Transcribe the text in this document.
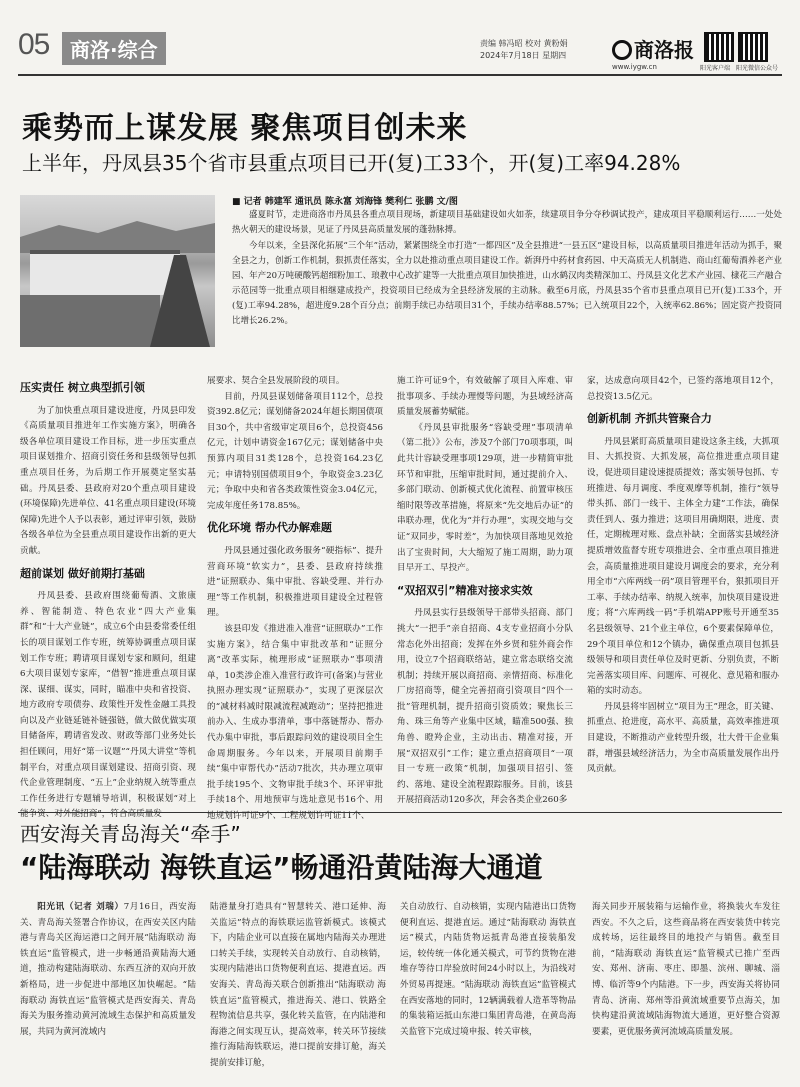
05	商洛·综合	责编 韩冯昭 校对 黄粉娟
2024年7月18日 星期四	商洛报
www.iygw.cn	阳光客户端 阳光微信公众号
乘势而上谋发展 聚焦项目创未来
上半年，丹凤县35个省市县重点项目已开(复)工33个，开(复)工率94.28%
■ 记者 韩建军 通讯员 陈永富 刘海锋 樊利仁 张鹏 文/图

盛夏时节，走进商洛市丹凤县各重点项目现场，新建项目基础建设如火如荼，续建项目争分夺秒调试投产，建成项目平稳顺利运行……一处处热火朝天的建设场景，见证了丹凤县高质量发展的蓬勃脉搏。

今年以来，全县深化拓展“三个年”活动，紧紧围绕全市打造“一都四区”及全县推进“一县五区”建设目标，以高质量项目推进年活动为抓手，聚全县之力，创新工作机制，狠抓责任落实，全力以赴推动重点项目建设工作。新湃丹中药材食药园、中天高质无人机制造、商山红葡萄酒养老产业园、年产20万吨硬酸钙超细粉加工、琅教中心改扩建等一大批重点项目加快推进，山水鹤汉肉类精深加工、丹凤县文化艺术产业园、棣花三产融合示范园等一批重点项目相继建成投产，投资项目已经成为全县经济发展的主动脉。截至6月底，丹凤县35个省市县重点项目已开(复)工33个，开(复)工率94.28%，超进度9.28个百分点；前期手续已办结项目31个，手续办结率88.57%；已入统项目22个，入统率62.86%；固定资产投资同比增长26.2%。

压实责任 树立典型抓引领

为了加快重点项目建设进度，丹凤县印发《高质量项目推进年工作实施方案》，明确各级各单位项目建设工作目标，进一步压实重点项目谋划推介、招商引资任务和县级领导包抓重点项目任务，为后期工作开展奠定坚实基础。丹凤县委、县政府对20个重点项目建设(环境保障)先进单位、41名重点项目建设(环境保障)先进个人予以表彰，通过评审引领，鼓励各级各单位为全县重点项目建设作出新的更大贡献。

超前谋划 做好前期打基础

丹凤县委、县政府围绕葡萄酒、文旅康养、智能制造、特色农业“四大产业集群”和“十大产业链”，成立6个由县委常委任组长的项目谋划工作专班，统筹协调重点项目谋划工作专班；聘请项目谋划专家和顾问，组建6大项目谋划专家库，“借智”推进重点项目谋深、谋细、谋实，同时，瞄准中央和省投资、地方政府专项债券、政策性开发性金融工具投向以及产业链延链补链强链，做大做优做实项目储备库，聘请省发改、财政等部门业务处长担任顾问，用好“第一议题”“丹凤大讲堂”等机制平台，对重点项目谋划建设、招商引资、现代企业管理制度、“五上”企业纳规入统等重点工作任务进行专题辅导培训，积极谋划“对上能争资、对外能招商”，符合高质量发

展要求、契合全县发展阶段的项目。

目前，丹凤县谋划储备项目112个，总投资392.8亿元；谋划储备2024年超长期国债项目30个，共中省级审定项目6个，总投资456亿元，计划申请资金167亿元；谋划储备中央预算内项目31类128个，总投资164.23亿元；申请特别国债项目9个，争取资金3.23亿元；争取中央和省各类政策性资金3.04亿元，完成年度任务178.85%。

优化环境 帮办代办解难题

丹凤县通过强化政务服务“硬指标”、提升营商环境“软实力”，县委、县政府持续推进“证照联办、集中审批、容缺受理、并行办理”等工作机制，积极推进项目建设全过程管理。

该县印发《推进准入准营“证照联办”工作实施方案》，结合集中审批改革和“证照分离”改革实际，梳理形成“证照联办”事项清单，10类涉企准入准营行政许可(备案)与营业执照办理实现“证照联办”，实现了更深层次的“减材料减时限减流程减跑动”；坚持把推进前办入、生成办事清单，事中落链帮办、帮办代办集中审批，事后跟踪问效的建设项目全生命周期服务。今年以来，开展项目前期手续“集中审帮代办”活动7批次，共办理立项审批手续195个、文物审批手续3个、环评审批手续18个、用地预审与选址意见书16个、用地规划许可证9个、工程规划许可证11个、

施工许可证9个，有效破解了项目入库难、审批事项多、手续办理慢等问题，为县域经济高质量发展蓄势赋能。

《丹凤县审批服务“容缺受理”事项清单（第二批）》公布，涉及7个部门70项事项，叫此共计容缺受理事项129项，进一步精简审批环节和审批，压缩审批时间，通过提前介入、多部门联动、创新模式优化流程、前置审核压缩时限等改革措施，将原来“先交地后办证”的串联办理，优化为“并行办理”，实现交地与交证“双同步，零时差”，为加快项目落地见效抢出了宝贵时间，大大缩短了施工周期，助力项目早开工、早投产。

“双招双引”精准对接求实效

丹凤县实行县级领导干部带头招商、部门挑大“一把手”亲自招商、4支专业招商小分队常态化外出招商；发挥在外乡贤和驻外商会作用，设立7个招商联络站，建立常态联络交流机制；持续开展以商招商、亲情招商、标准化厂房招商等，健全完善招商引资项目“四个一批”管理机制，提升招商引资质效；聚焦长三角、珠三角等产业集中区域，瞄准500强、独角兽、瞪羚企业，主动出击、精准对接，开展“双招双引”工作；建立重点招商项目“一项目一专班一政策”机制，加强项目招引、签约、落地、建设全流程跟踪服务。目前，该县开展招商活动120多次，拜会各类企业260多

家，达成意向项目42个，已签约落地项目12个，总投资13.5亿元。

创新机制 齐抓共管聚合力

丹凤县紧盯高质量项目建设这条主线，大抓项目、大抓投资、大抓发展，高位推进重点项目建设，促进项目建设速提质提效；落实领导包抓、专班推进、每月调度、季度观摩等机制，推行“领导带头抓、部门一线干、主体全力建”工作法，确保责任到人、强力推进；这项目用确期限，进度、责任，定期梳理对账、盘点补缺；全面落实县域经济提质增效监督专班专项推进会、全市重点项目推进会，高质量推进项目建设月调度会的要求，充分利用全市“六库两线一码”项目管理平台，狠抓项目开工率、手续办结率、纳规入统率，加快项目建设进度；将“六库两线一码”手机端APP账号开通至35名县级领导、21个业主单位，6个要素保障单位，29个项目单位和12个镇办，确保重点项目包抓县级领导和项目责任单位及时更新、分别负责，不断完善落实项目库、问题库、可视化、意见箱和服办箱的实时动态。

丹凤县将牢固树立“项目为王”理念，盯关键、抓重点、抢进度，高水平、高质量，高效率推进项目建设，不断推动产业转型升级，壮大骨干企业集群，增强县域经济活力，为全市高质量发展作出丹凤贡献。

西安海关青岛海关“牵手”
“陆海联动 海铁直运”畅通沿黄陆海大通道

阳光讯（记者 刘瑞）7月16日，西安海关、青岛海关签署合作协议，在西安关区内陆港与青岛关区海运港口之间开展“陆海联动 海铁直运”监管模式，进一步畅通沿黄陆海大通道，推动构建陆海联动、东西互济的双向开放新格局，进一步促进中部地区加快崛起。“陆海联动 海铁直运”监管模式是西安海关、青岛海关为服务推动黄河流域生态保护和高质量发展，共同为黄河流域内

陆港量身打造具有“智慧转关、港口延伸、海关监运”特点的海铁联运监管新模式。该模式下，内陆企业可以直接在属地内陆海关办理进口转关手续，实现转关自动放行、自动核销，实现内陆港出口货物便利直运、提港直运。西安海关、青岛海关联合创新推出“陆海联动 海铁直运”监管模式，推进海关、港口、铁路全程物流信息共享，强化转关监管，在内陆港和海港之间实现互认，提高效率，转关环节接续推行海陆海铁联运，港口提前安排订舱，海关提前安排订舱，

关自动放行、自动核销，实现内陆港出口货物便利直运、提港直运。通过“陆海联动 海铁直运”模式，内陆货物运抵青岛港直接装船发运，较传统一体化通关模式，可节约货物在港堆存等待口岸验放时间24小时以上，为沿线对外贸易再提速。“陆海联动 海铁直运”监管模式在西安落地的同时，12辆满载着人造革等物品的集装箱运抵山东港口集团青岛港，在黄岛海关监管下完成过境申报、转关审核，

海关同步开展装箱与运输作业，将换装火车发往西安。不久之后，这些商品将在西安装货中转完成转场，运往最终目的地投产与销售。截至目前，“陆海联动 海铁直运”监管模式已推广至西安、郑州、济南、枣庄、即墨、滨州、聊城、淄博、临沂等9个内陆港。下一步，西安海关将协同青岛、济南、郑州等沿黄流域重要节点海关，加快构建沿黄流域陆海物流大通道，更好整合资源要素，更优服务黄河流域高质量发展。
